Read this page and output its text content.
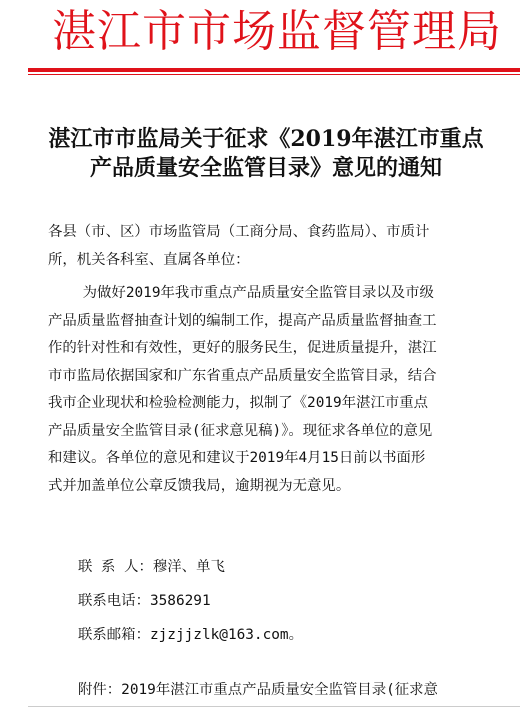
湛江市市场监督管理局
湛江市市监局关于征求《2019年湛江市重点
产品质量安全监管目录》意见的通知
各县（市、区）市场监管局（工商分局、食药监局）、市质计
所，机关各科室、直属各单位：
为做好2019年我市重点产品质量安全监管目录以及市级
产品质量监督抽查计划的编制工作，提高产品质量监督抽查工
作的针对性和有效性，更好的服务民生，促进质量提升，湛江
市市监局依据国家和广东省重点产品质量安全监管目录，结合
我市企业现状和检验检测能力，拟制了《2019年湛江市重点
产品质量安全监管目录(征求意见稿)》。现征求各单位的意见
和建议。各单位的意见和建议于2019年4月15日前以书面形
式并加盖单位公章反馈我局，逾期视为无意见。
联 系 人：穆洋、单飞
联系电话：3586291
联系邮箱：zjzjjzlk@163.com。
附件：2019年湛江市重点产品质量安全监管目录(征求意
